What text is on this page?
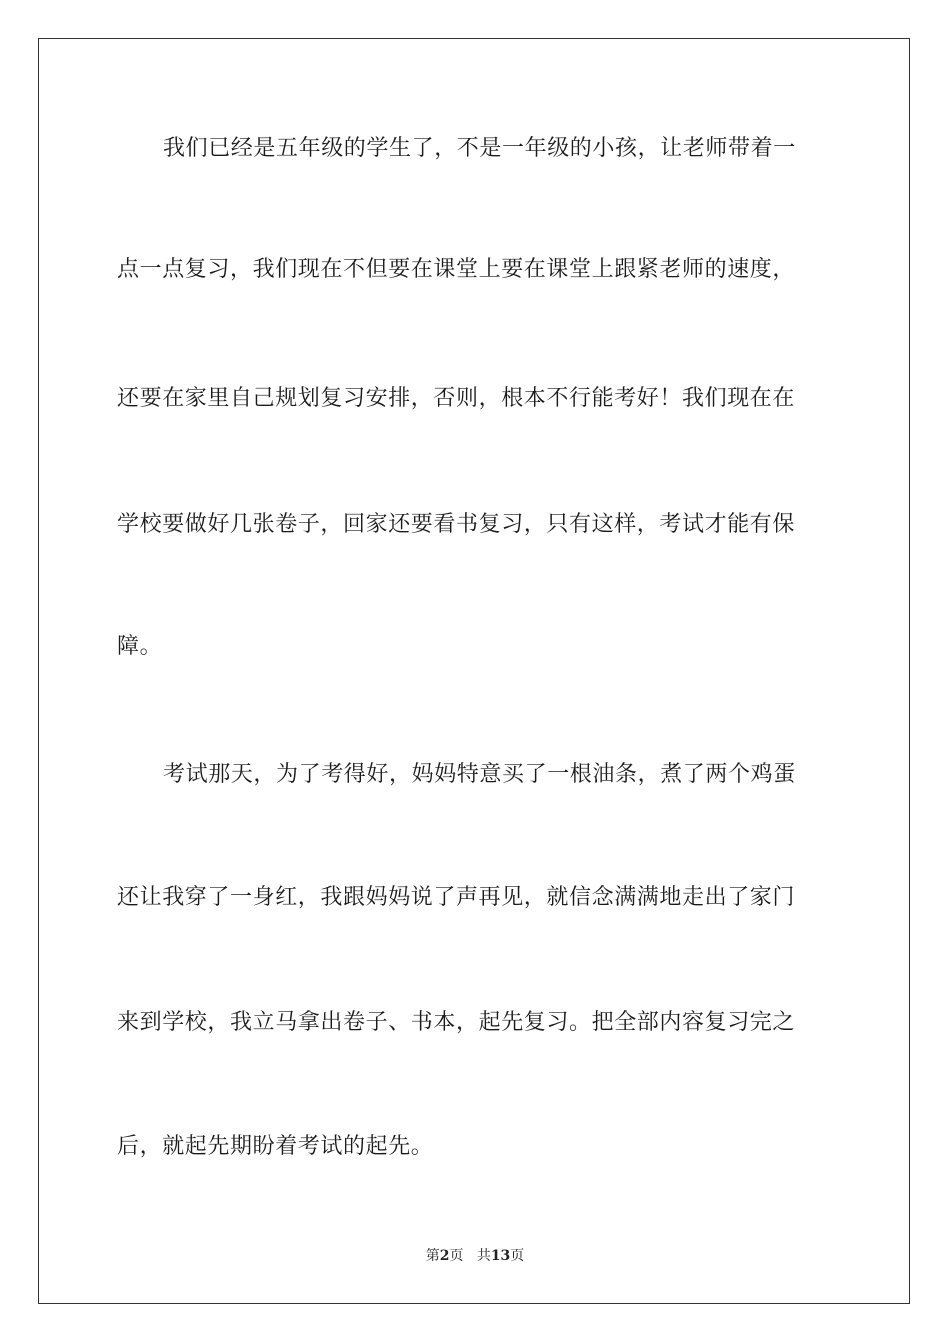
我们已经是五年级的学生了，不是一年级的小孩，让老师带着一
点一点复习，我们现在不但要在课堂上要在课堂上跟紧老师的速度，
还要在家里自己规划复习安排，否则，根本不行能考好！我们现在在
学校要做好几张卷子，回家还要看书复习，只有这样，考试才能有保
障。
考试那天，为了考得好，妈妈特意买了一根油条，煮了两个鸡蛋
还让我穿了一身红，我跟妈妈说了声再见，就信念满满地走出了家门
来到学校，我立马拿出卷子、书本，起先复习。把全部内容复习完之
后，就起先期盼着考试的起先。
第2页 共13页
